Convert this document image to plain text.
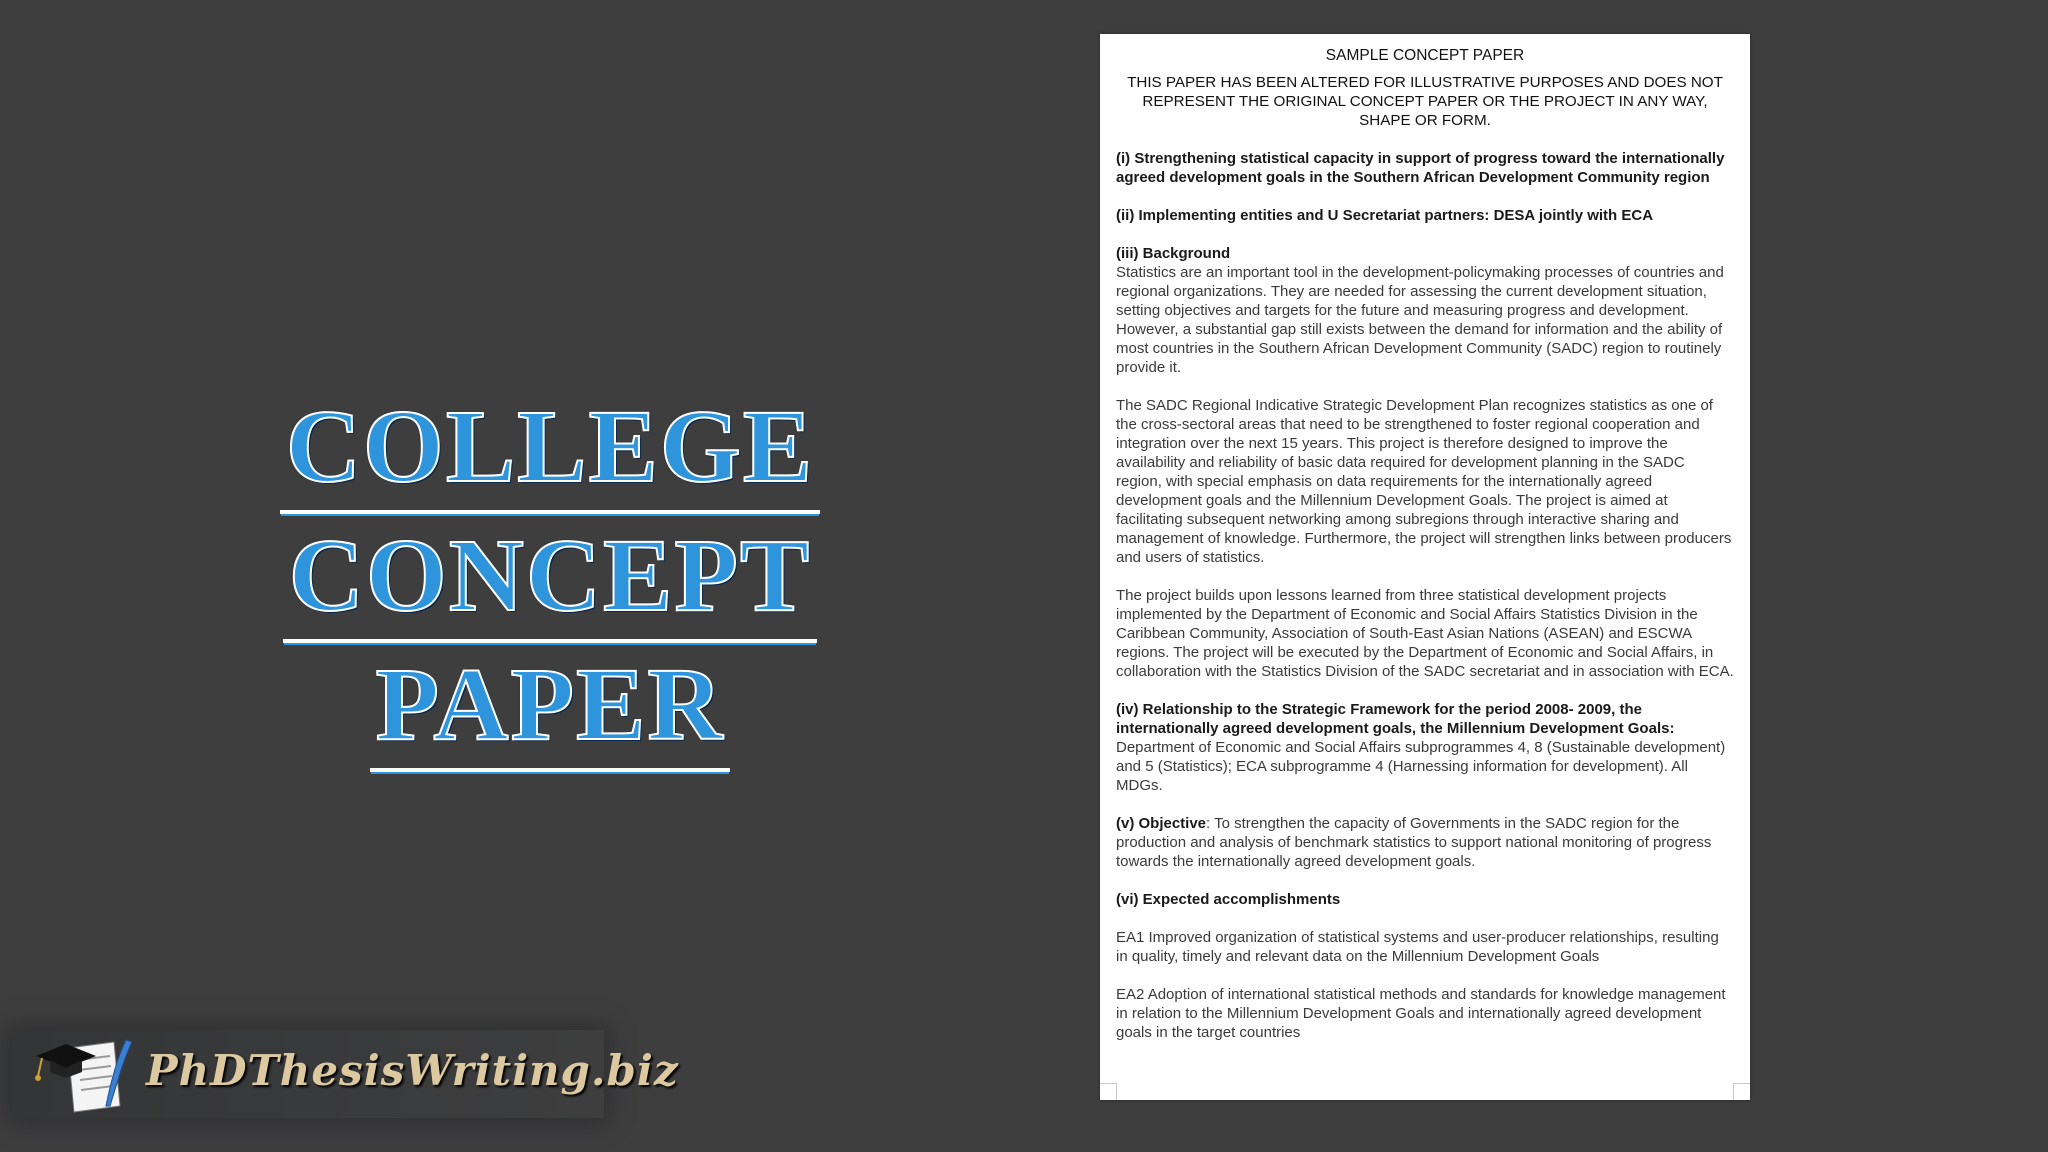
COLLEGE
CONCEPT
PAPER
PhDThesisWriting.biz
SAMPLE CONCEPT PAPER
THIS PAPER HAS BEEN ALTERED FOR ILLUSTRATIVE PURPOSES AND DOES NOT REPRESENT THE ORIGINAL CONCEPT PAPER OR THE PROJECT IN ANY WAY, SHAPE OR FORM.
(i) Strengthening statistical capacity in support of progress toward the internationally agreed development goals in the Southern African Development Community region
(ii) Implementing entities and U Secretariat partners: DESA jointly with ECA
(iii) Background
Statistics are an important tool in the development-policymaking processes of countries and regional organizations. They are needed for assessing the current development situation, setting objectives and targets for the future and measuring progress and development. However, a substantial gap still exists between the demand for information and the ability of most countries in the Southern African Development Community (SADC) region to routinely provide it.
The SADC Regional Indicative Strategic Development Plan recognizes statistics as one of the cross-sectoral areas that need to be strengthened to foster regional cooperation and integration over the next 15 years. This project is therefore designed to improve the availability and reliability of basic data required for development planning in the SADC region, with special emphasis on data requirements for the internationally agreed development goals and the Millennium Development Goals. The project is aimed at facilitating subsequent networking among subregions through interactive sharing and management of knowledge. Furthermore, the project will strengthen links between producers and users of statistics.
The project builds upon lessons learned from three statistical development projects implemented by the Department of Economic and Social Affairs Statistics Division in the Caribbean Community, Association of South-East Asian Nations (ASEAN) and ESCWA regions. The project will be executed by the Department of Economic and Social Affairs, in collaboration with the Statistics Division of the SADC secretariat and in association with ECA.
(iv) Relationship to the Strategic Framework for the period 2008- 2009, the internationally agreed development goals, the Millennium Development Goals:
Department of Economic and Social Affairs subprogrammes 4, 8 (Sustainable development) and 5 (Statistics); ECA subprogramme 4 (Harnessing information for development). All MDGs.
(v) Objective: To strengthen the capacity of Governments in the SADC region for the production and analysis of benchmark statistics to support national monitoring of progress towards the internationally agreed development goals.
(vi) Expected accomplishments
EA1 Improved organization of statistical systems and user-producer relationships, resulting in quality, timely and relevant data on the Millennium Development Goals
EA2 Adoption of international statistical methods and standards for knowledge management in relation to the Millennium Development Goals and internationally agreed development goals in the target countries
